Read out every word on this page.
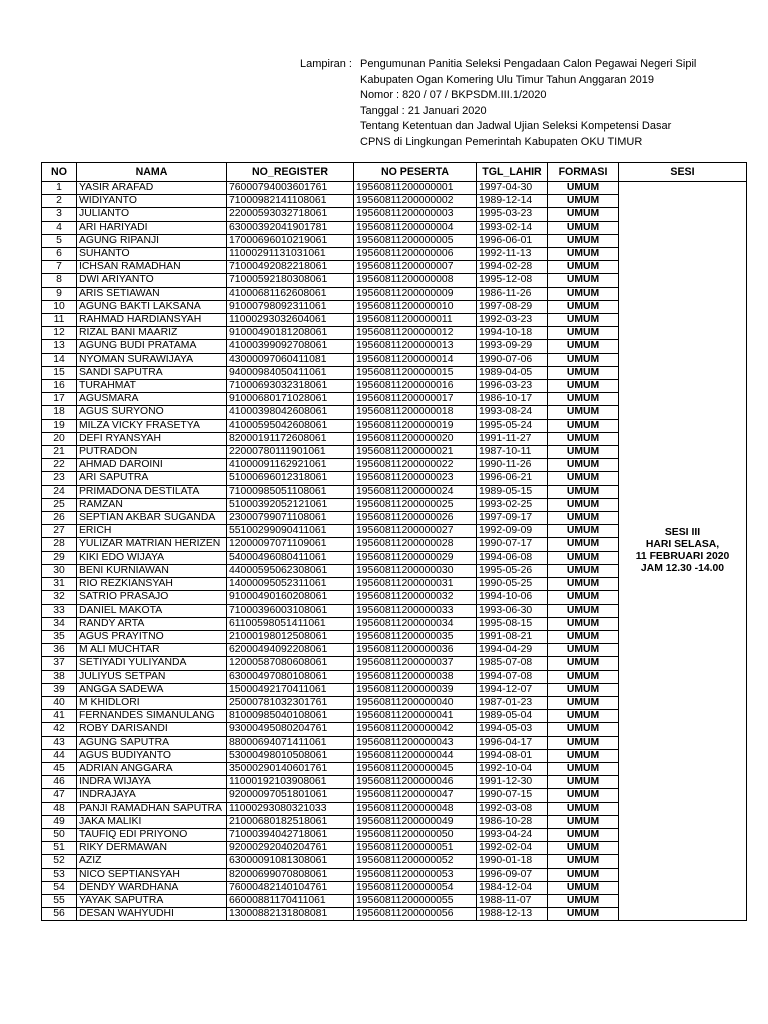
Lampiran : Pengumunan Panitia Seleksi Pengadaan Calon Pegawai Negeri Sipil
Kabupaten Ogan Komering Ulu Timur Tahun Anggaran 2019
Nomor : 820 / 07 / BKPSDM.III.1/2020
Tanggal : 21 Januari 2020
Tentang Ketentuan dan Jadwal Ujian Seleksi Kompetensi Dasar
CPNS di Lingkungan Pemerintah Kabupaten OKU TIMUR
NO	NAMA	NO_REGISTER	NO PESERTA	TGL_LAHIR	FORMASI	SESI
1	YASIR ARAFAD	76000794003601761	19560811200000001	1997-04-30	UMUM	SESI III
HARI SELASA,
11 FEBRUARI 2020
JAM 12.30 -14.00

2	WIDIYANTO	71000982141108061	19560811200000002	1989-12-14	UMUM	
3	JULIANTO	22000593032718061	19560811200000003	1995-03-23	UMUM	
4	ARI HARIYADI	63000392041901781	19560811200000004	1993-02-14	UMUM	
5	AGUNG RIPANJI	17000696010219061	19560811200000005	1996-06-01	UMUM	
6	SUHANTO	11000291131031061	19560811200000006	1992-11-13	UMUM	
7	ICHSAN RAMADHAN	71000492082218061	19560811200000007	1994-02-28	UMUM	
8	DWI ARIYANTO	71000592180308061	19560811200000008	1995-12-08	UMUM	
9	ARIS SETIAWAN	41000681162608061	19560811200000009	1986-11-26	UMUM	
10	AGUNG BAKTI LAKSANA	91000798092311061	19560811200000010	1997-08-29	UMUM	
11	RAHMAD HARDIANSYAH	11000293032604061	19560811200000011	1992-03-23	UMUM	
12	RIZAL BANI MAARIZ	91000490181208061	19560811200000012	1994-10-18	UMUM	
13	AGUNG BUDI PRATAMA	41000399092708061	19560811200000013	1993-09-29	UMUM	
14	NYOMAN SURAWIJAYA	43000097060411081	19560811200000014	1990-07-06	UMUM	
15	SANDI SAPUTRA	94000984050411061	19560811200000015	1989-04-05	UMUM	
16	TURAHMAT	71000693032318061	19560811200000016	1996-03-23	UMUM	
17	AGUSMARA	91000680171028061	19560811200000017	1986-10-17	UMUM	
18	AGUS SURYONO	41000398042608061	19560811200000018	1993-08-24	UMUM	
19	MILZA VICKY FRASETYA	41000595042608061	19560811200000019	1995-05-24	UMUM	
20	DEFI RYANSYAH	82000191172608061	19560811200000020	1991-11-27	UMUM	
21	PUTRADON	22000780111901061	19560811200000021	1987-10-11	UMUM	
22	AHMAD DAROINI	41000091162921061	19560811200000022	1990-11-26	UMUM	
23	ARI SAPUTRA	51000696012318061	19560811200000023	1996-06-21	UMUM	
24	PRIMADONA DESTILATA	71000985051108061	19560811200000024	1989-05-15	UMUM	
25	RAMZAN	51000392052121061	19560811200000025	1993-02-25	UMUM	
26	SEPTIAN AKBAR SUGANDA	23000799071108061	19560811200000026	1997-09-17	UMUM	
27	ERICH	55100299090411061	19560811200000027	1992-09-09	UMUM	
28	YULIZAR MATRIAN HERIZEN	12000097071109061	19560811200000028	1990-07-17	UMUM	
29	KIKI EDO WIJAYA	54000496080411061	19560811200000029	1994-06-08	UMUM	
30	BENI KURNIAWAN	44000595062308061	19560811200000030	1995-05-26	UMUM	
31	RIO REZKIANSYAH	14000095052311061	19560811200000031	1990-05-25	UMUM	
32	SATRIO PRASAJO	91000490160208061	19560811200000032	1994-10-06	UMUM	
33	DANIEL MAKOTA	71000396003108061	19560811200000033	1993-06-30	UMUM	
34	RANDY ARTA	61100598051411061	19560811200000034	1995-08-15	UMUM	
35	AGUS PRAYITNO	21000198012508061	19560811200000035	1991-08-21	UMUM	
36	M ALI MUCHTAR	62000494092208061	19560811200000036	1994-04-29	UMUM	
37	SETIYADI YULIYANDA	12000587080608061	19560811200000037	1985-07-08	UMUM	
38	JULIYUS SETPAN	63000497080108061	19560811200000038	1994-07-08	UMUM	
39	ANGGA SADEWA	15000492170411061	19560811200000039	1994-12-07	UMUM	
40	M KHIDLORI	25000781032301761	19560811200000040	1987-01-23	UMUM	
41	FERNANDES SIMANULANG	81000985040108061	19560811200000041	1989-05-04	UMUM	
42	ROBY DARISANDI	93000495080204761	19560811200000042	1994-05-03	UMUM	
43	AGUNG SAPUTRA	88000694071411061	19560811200000043	1996-04-17	UMUM	
44	AGUS BUDIYANTO	53000498010508061	19560811200000044	1994-08-01	UMUM	
45	ADRIAN ANGGARA	35000290140601761	19560811200000045	1992-10-04	UMUM	
46	INDRA WIJAYA	11000192103908061	19560811200000046	1991-12-30	UMUM	
47	INDRAJAYA	92000097051801061	19560811200000047	1990-07-15	UMUM	
48	PANJI RAMADHAN SAPUTRA	11000293080321033	19560811200000048	1992-03-08	UMUM	
49	JAKA MALIKI	21000680182518061	19560811200000049	1986-10-28	UMUM	
50	TAUFIQ EDI PRIYONO	71000394042718061	19560811200000050	1993-04-24	UMUM	
51	RIKY DERMAWAN	92000292040204761	19560811200000051	1992-02-04	UMUM	
52	AZIZ	63000091081308061	19560811200000052	1990-01-18	UMUM	
53	NICO SEPTIANSYAH	82000699070808061	19560811200000053	1996-09-07	UMUM	
54	DENDY WARDHANA	76000482140104761	19560811200000054	1984-12-04	UMUM	
55	YAYAK SAPUTRA	66000881170411061	19560811200000055	1988-11-07	UMUM	
56	DESAN WAHYUDHI	13000882131808081	19560811200000056	1988-12-13	UMUM	
